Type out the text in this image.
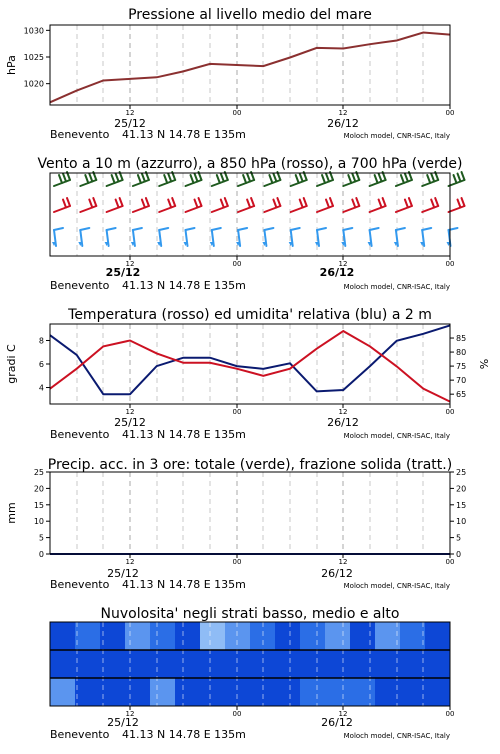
Pressione al livello medio del mare
hPa
1020
1025
1030
12	00	12	00
25/12	26/12
Benevento 41.13 N 14.78 E 135m	Moloch model, CNR-ISAC, Italy
Vento a 10 m (azzurro), a 850 hPa (rosso), a 700 hPa (verde)
12	00	12	00
25/12	26/12
Benevento 41.13 N 14.78 E 135m	Moloch model, CNR-ISAC, Italy
Temperatura (rosso) ed umidita' relativa (blu) a 2 m
gradi C	%
4
6
8
65
70
75
80
85
12	00	12	00
25/12	26/12
Benevento 41.13 N 14.78 E 135m	Moloch model, CNR-ISAC, Italy
Precip. acc. in 3 ore: totale (verde), frazione solida (tratt.)
mm
0
5
10
15
20
25
0
5
10
15
20
25
12	00	12	00
25/12	26/12
Benevento 41.13 N 14.78 E 135m	Moloch model, CNR-ISAC, Italy
Nuvolosita' negli strati basso, medio e alto
12	00	12	00
25/12	26/12
Benevento 41.13 N 14.78 E 135m	Moloch model, CNR-ISAC, Italy
